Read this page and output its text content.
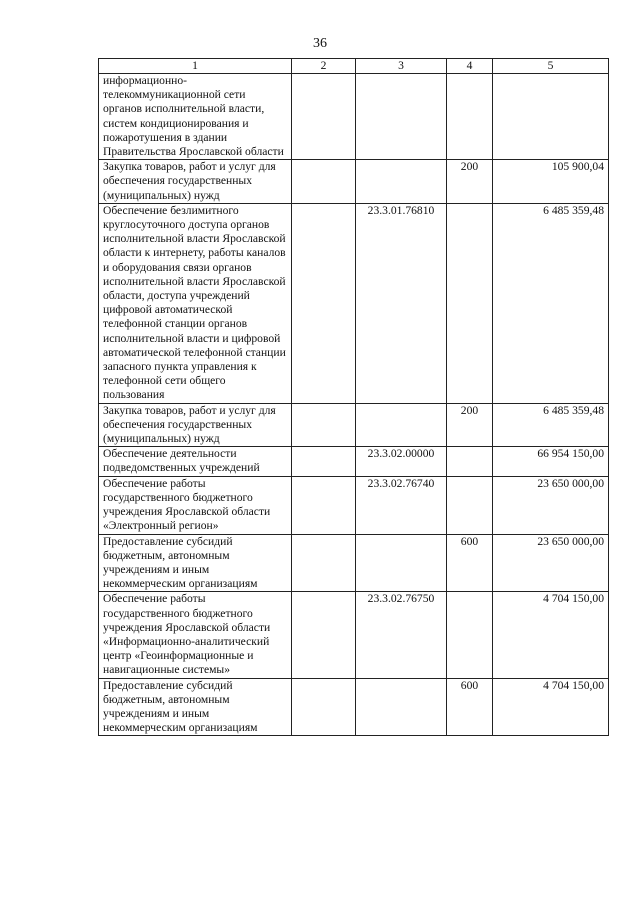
36
1	2	3	4	5
информационно-телекоммуникационной сети органов исполнительной власти, систем кондиционирования и пожаротушения в здании Правительства Ярославской области				
Закупка товаров, работ и услуг для обеспечения государственных (муниципальных) нужд			200	105 900,04
Обеспечение безлимитного круглосуточного доступа органов исполнительной власти Ярославской области к интернету, работы каналов и оборудования связи органов исполнительной власти Ярославской области, доступа учреждений цифровой автоматической телефонной станции органов исполнительной власти и цифровой автоматической телефонной станции запасного пункта управления к телефонной сети общего пользования		23.3.01.76810		6 485 359,48
Закупка товаров, работ и услуг для обеспечения государственных (муниципальных) нужд			200	6 485 359,48
Обеспечение деятельности подведомственных учреждений		23.3.02.00000		66 954 150,00
Обеспечение работы государственного бюджетного учреждения Ярославской области «Электронный регион»		23.3.02.76740		23 650 000,00
Предоставление субсидий бюджетным, автономным учреждениям и иным некоммерческим организациям			600	23 650 000,00
Обеспечение работы государственного бюджетного учреждения Ярославской области «Информационно-аналитический центр «Геоинформационные и навигационные системы»		23.3.02.76750		4 704 150,00
Предоставление субсидий бюджетным, автономным учреждениям и иным некоммерческим организациям			600	4 704 150,00
